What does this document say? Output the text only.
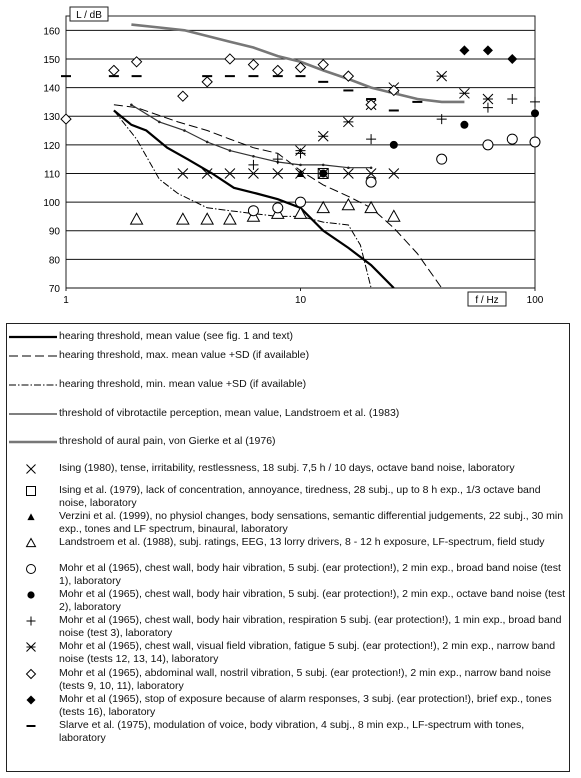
70
80
90
100
110
120
130
140
150
160
1	10	100
L / dB
f / Hz
hearing threshold, mean value (see fig. 1 and text)
hearing threshold, max. mean value +SD (if available)
hearing threshold, min. mean value +SD (if available)
threshold of vibrotactile perception, mean value, Landstroem et al. (1983)
threshold of aural pain, von Gierke et al (1976)
Ising (1980), tense, irritability, restlessness, 18 subj. 7,5 h / 10 days, octave band noise, laboratory
Ising et al. (1979), lack of concentration, annoyance, tiredness, 28 subj., up to 8 h exp., 1/3 octave band noise, laboratory
Verzini et al. (1999), no physiol changes, body sensations, semantic differential judgements, 22 subj., 30 min exp., tones and LF spectrum, binaural, laboratory
Landstroem et al. (1988), subj. ratings, EEG, 13 lorry drivers, 8 - 12 h exposure, LF-spectrum, field study
Mohr et al (1965), chest wall, body hair vibration, 5 subj. (ear protection!), 2 min exp., broad band noise (test 1), laboratory
Mohr et al (1965), chest wall, body hair vibration, 5 subj. (ear protection!), 2 min exp., octave band noise (test 2), laboratory
Mohr et al (1965), chest wall, body hair vibration, respiration 5 subj. (ear protection!), 1 min exp., broad band noise (test 3), laboratory
Mohr et al (1965), chest wall, visual field vibration, fatigue 5 subj. (ear protection!), 2 min exp., narrow band noise (tests 12, 13, 14), laboratory
Mohr et al (1965), abdominal wall, nostril vibration, 5 subj. (ear protection!), 2 min exp., narrow band noise (tests 9, 10, 11), laboratory
Mohr et al (1965), stop of exposure because of alarm responses, 3 subj. (ear protection!), brief exp., tones (tests 16), laboratory
Slarve et al. (1975), modulation of voice, body vibration, 4 subj., 8 min exp., LF-spectrum with tones, laboratory
